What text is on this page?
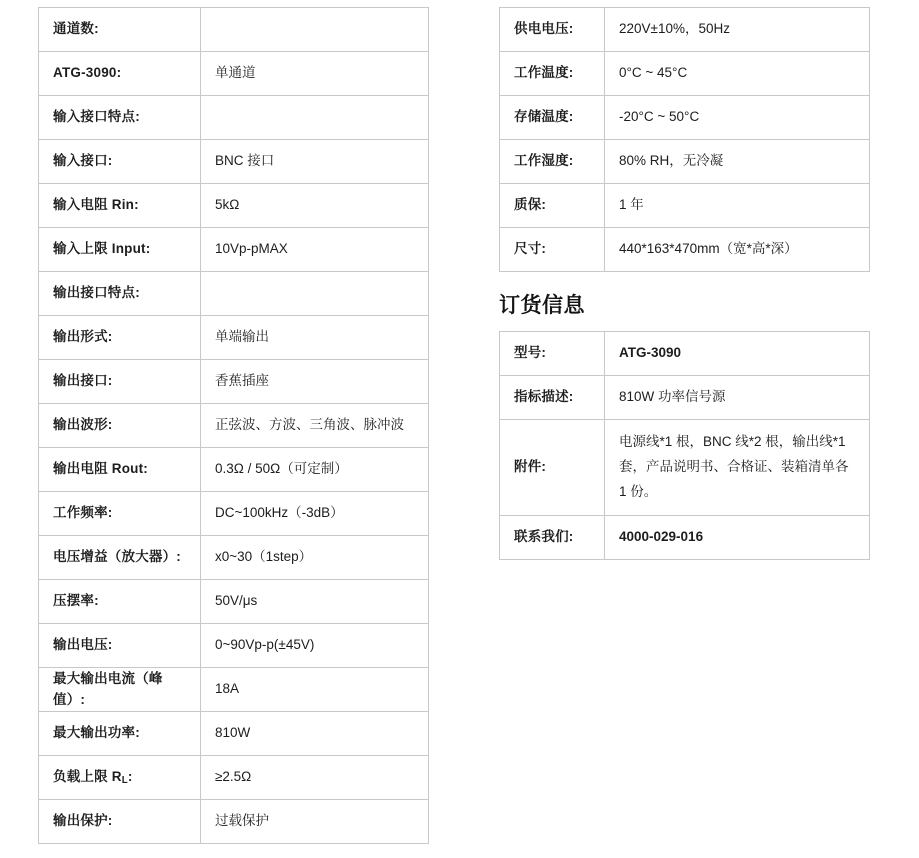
通道数:	
ATG-3090:	单通道
输入接口特点:	
输入接口:	BNC 接口
输入电阻 Rin:	5kΩ
输入上限 Input:	10Vp-pMAX
输出接口特点:	
输出形式:	单端输出
输出接口:	香蕉插座
输出波形:	正弦波、方波、三角波、脉冲波
输出电阻 Rout:	0.3Ω / 50Ω（可定制）
工作频率:	DC~100kHz（-3dB）
电压增益（放大器）:	x0~30（1step）
压摆率:	50V/μs
输出电压:	0~90Vp-p(±45V)
最大输出电流（峰值）:	18A
最大输出功率:	810W
负载上限 $R_L$:	≥2.5Ω
输出保护:	过载保护
供电电压:	220V±10%，50Hz
工作温度:	0°C ~ 45°C
存储温度:	-20°C ~ 50°C
工作湿度:	80% RH，无冷凝
质保:	1 年
尺寸:	440*163*470mm（宽*高*深）
订货信息
型号:	ATG-3090
指标描述:	810W 功率信号源
附件:	电源线*1 根，BNC 线*2 根，输出线*1 套，产品说明书、合格证、装箱清单各 1 份。
联系我们:	4000-029-016
